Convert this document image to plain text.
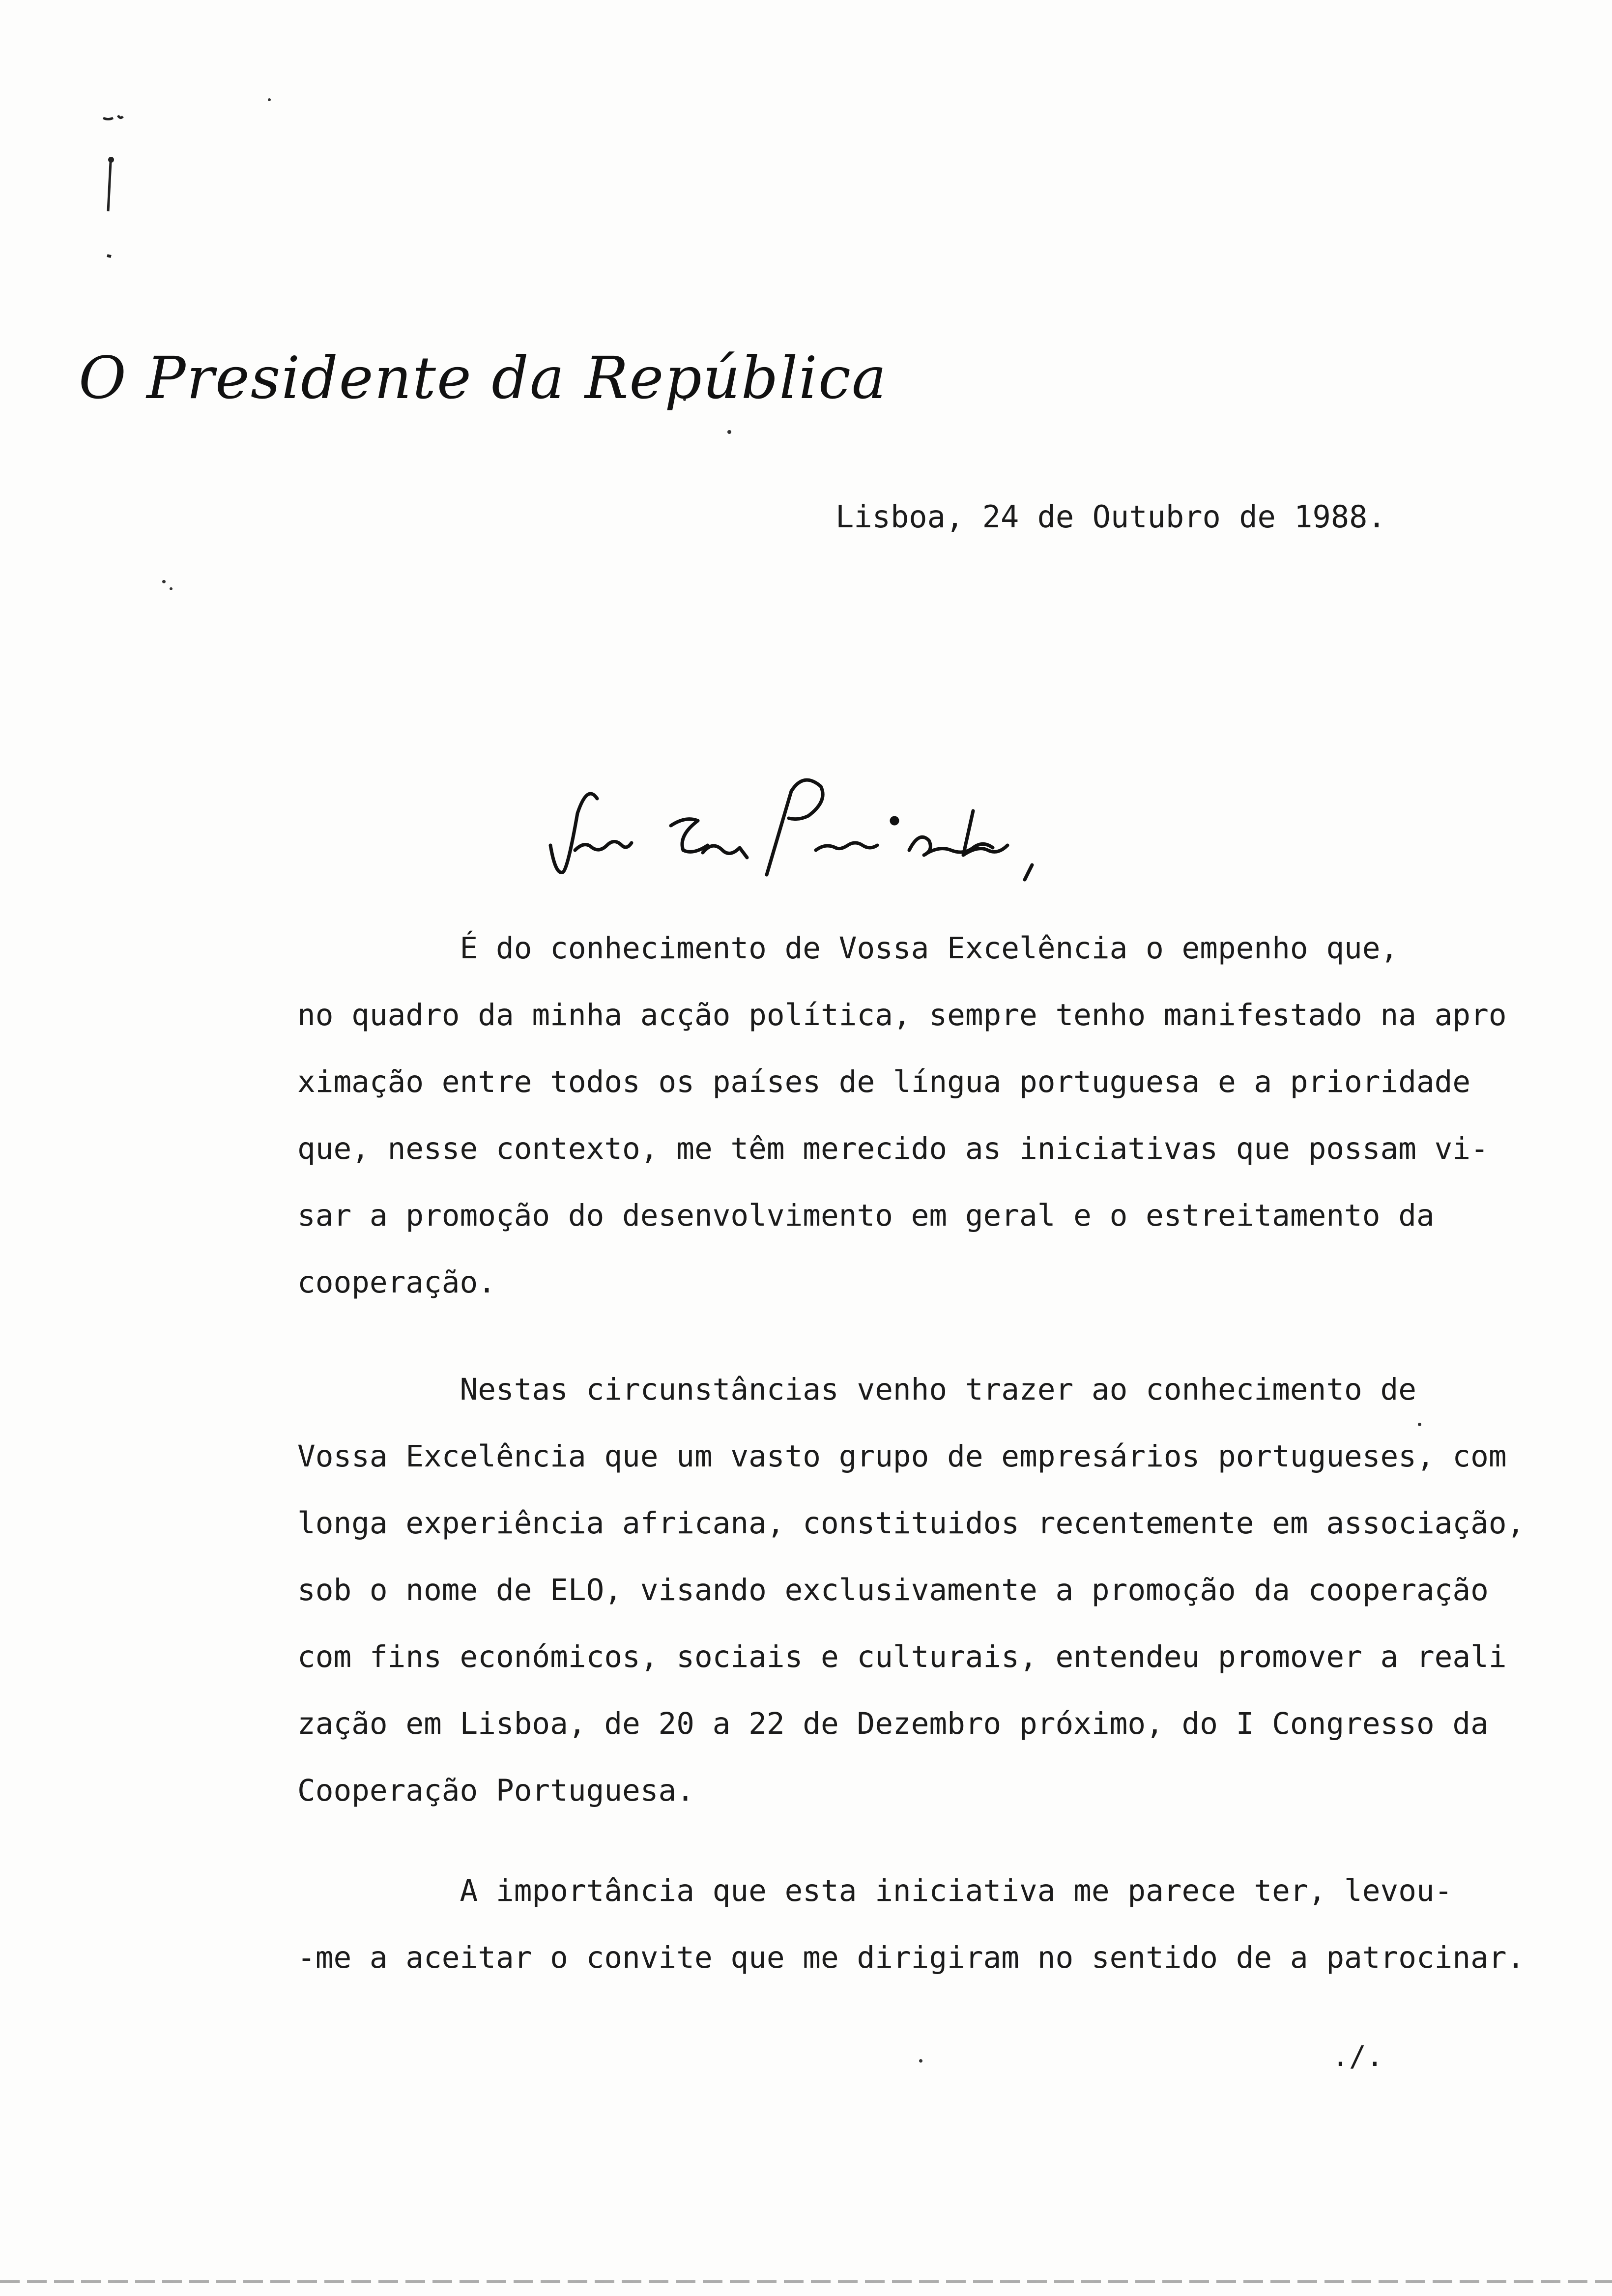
O Presidente da República
Lisboa, 24 de Outubro de 1988.
É do conhecimento de Vossa Excelência o empenho que,
no quadro da minha acção política, sempre tenho manifestado na apro
ximação entre todos os países de língua portuguesa e a prioridade
que, nesse contexto, me têm merecido as iniciativas que possam vi-
sar a promoção do desenvolvimento em geral e o estreitamento da
cooperação.
Nestas circunstâncias venho trazer ao conhecimento de
Vossa Excelência que um vasto grupo de empresários portugueses, com
longa experiência africana, constituidos recentemente em associação,
sob o nome de ELO, visando exclusivamente a promoção da cooperação
com fins económicos, sociais e culturais, entendeu promover a reali
zação em Lisboa, de 20 a 22 de Dezembro próximo, do I Congresso da
Cooperação Portuguesa.
A importância que esta iniciativa me parece ter, levou-
-me a aceitar o convite que me dirigiram no sentido de a patrocinar.
./.
